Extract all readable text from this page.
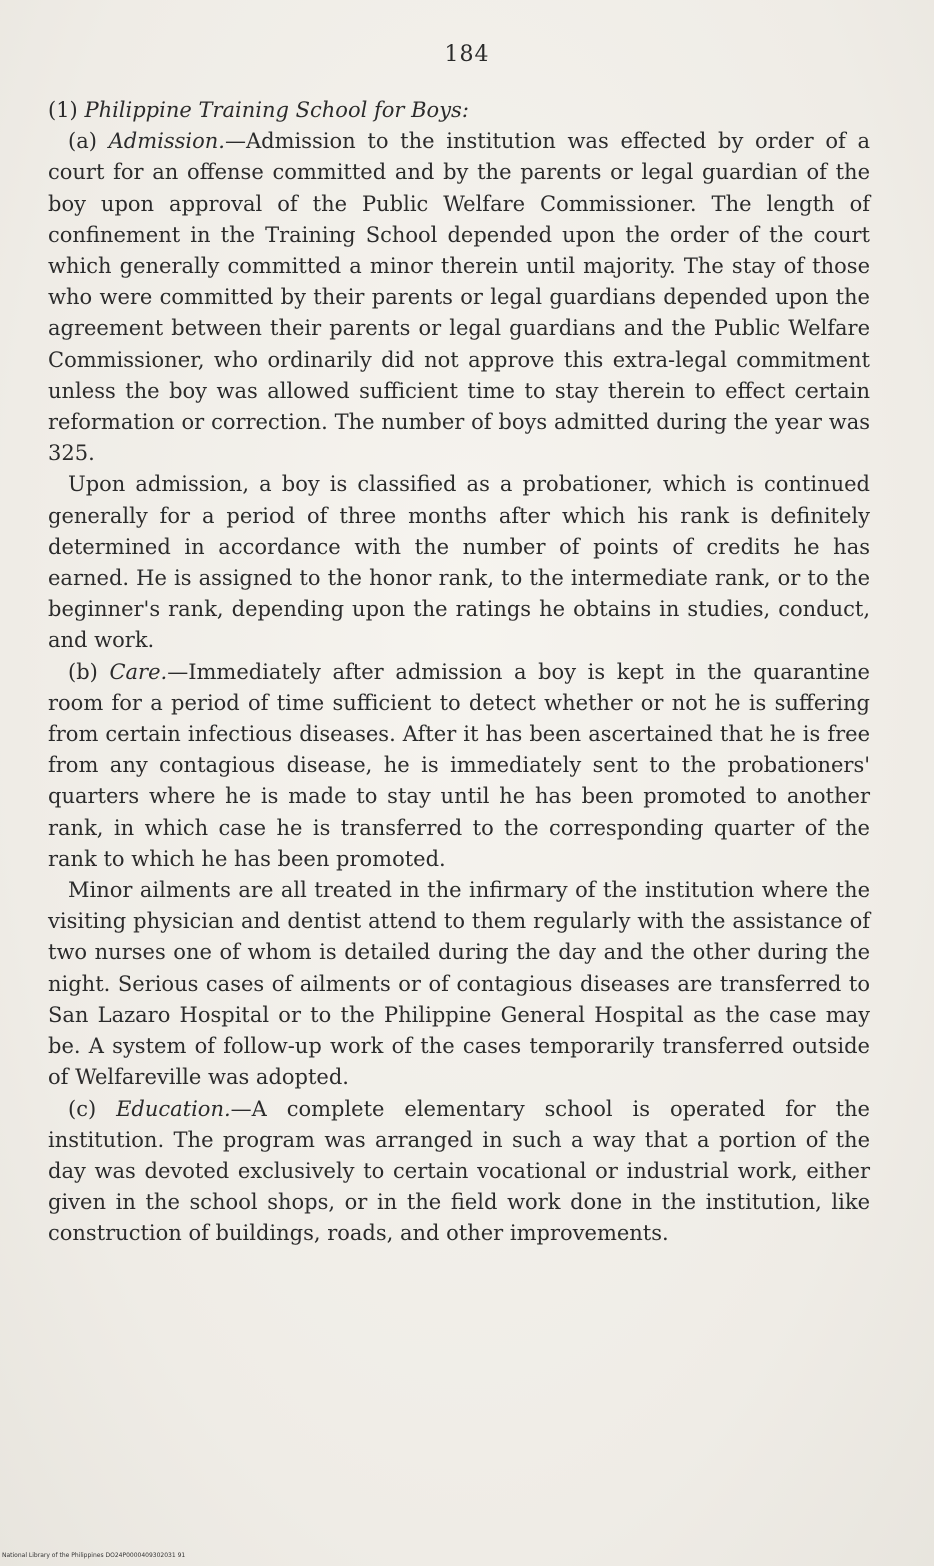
184

(1) Philippine Training School for Boys:

(a) Admission.—Admission to the institution was effected by order of a court for an offense committed and by the parents or legal guardian of the boy upon approval of the Public Welfare Commissioner. The length of confinement in the Training School depended upon the order of the court which generally committed a minor therein until majority. The stay of those who were committed by their parents or legal guardians depended upon the agreement between their parents or legal guardians and the Public Welfare Commissioner, who ordinarily did not approve this extra-legal commitment unless the boy was allowed sufficient time to stay therein to effect certain reformation or correction. The number of boys admitted during the year was 325.

Upon admission, a boy is classified as a probationer, which is continued generally for a period of three months after which his rank is definitely determined in accordance with the number of points of credits he has earned. He is assigned to the honor rank, to the intermediate rank, or to the beginner's rank, depending upon the ratings he obtains in studies, conduct, and work.

(b) Care.—Immediately after admission a boy is kept in the quarantine room for a period of time sufficient to detect whether or not he is suffering from certain infectious diseases. After it has been ascertained that he is free from any contagious disease, he is immediately sent to the probationers' quarters where he is made to stay until he has been promoted to another rank, in which case he is transferred to the corresponding quarter of the rank to which he has been promoted.

Minor ailments are all treated in the infirmary of the institution where the visiting physician and dentist attend to them regularly with the assistance of two nurses one of whom is detailed during the day and the other during the night. Serious cases of ailments or of contagious diseases are transferred to San Lazaro Hospital or to the Philippine General Hospital as the case may be. A system of follow-up work of the cases temporarily transferred outside of Welfareville was adopted.

(c) Education.—A complete elementary school is operated for the institution. The program was arranged in such a way that a portion of the day was devoted exclusively to certain vocational or industrial work, either given in the school shops, or in the field work done in the institution, like construction of buildings, roads, and other improvements.

National Library of the Philippines DO24P0000409302031 91
